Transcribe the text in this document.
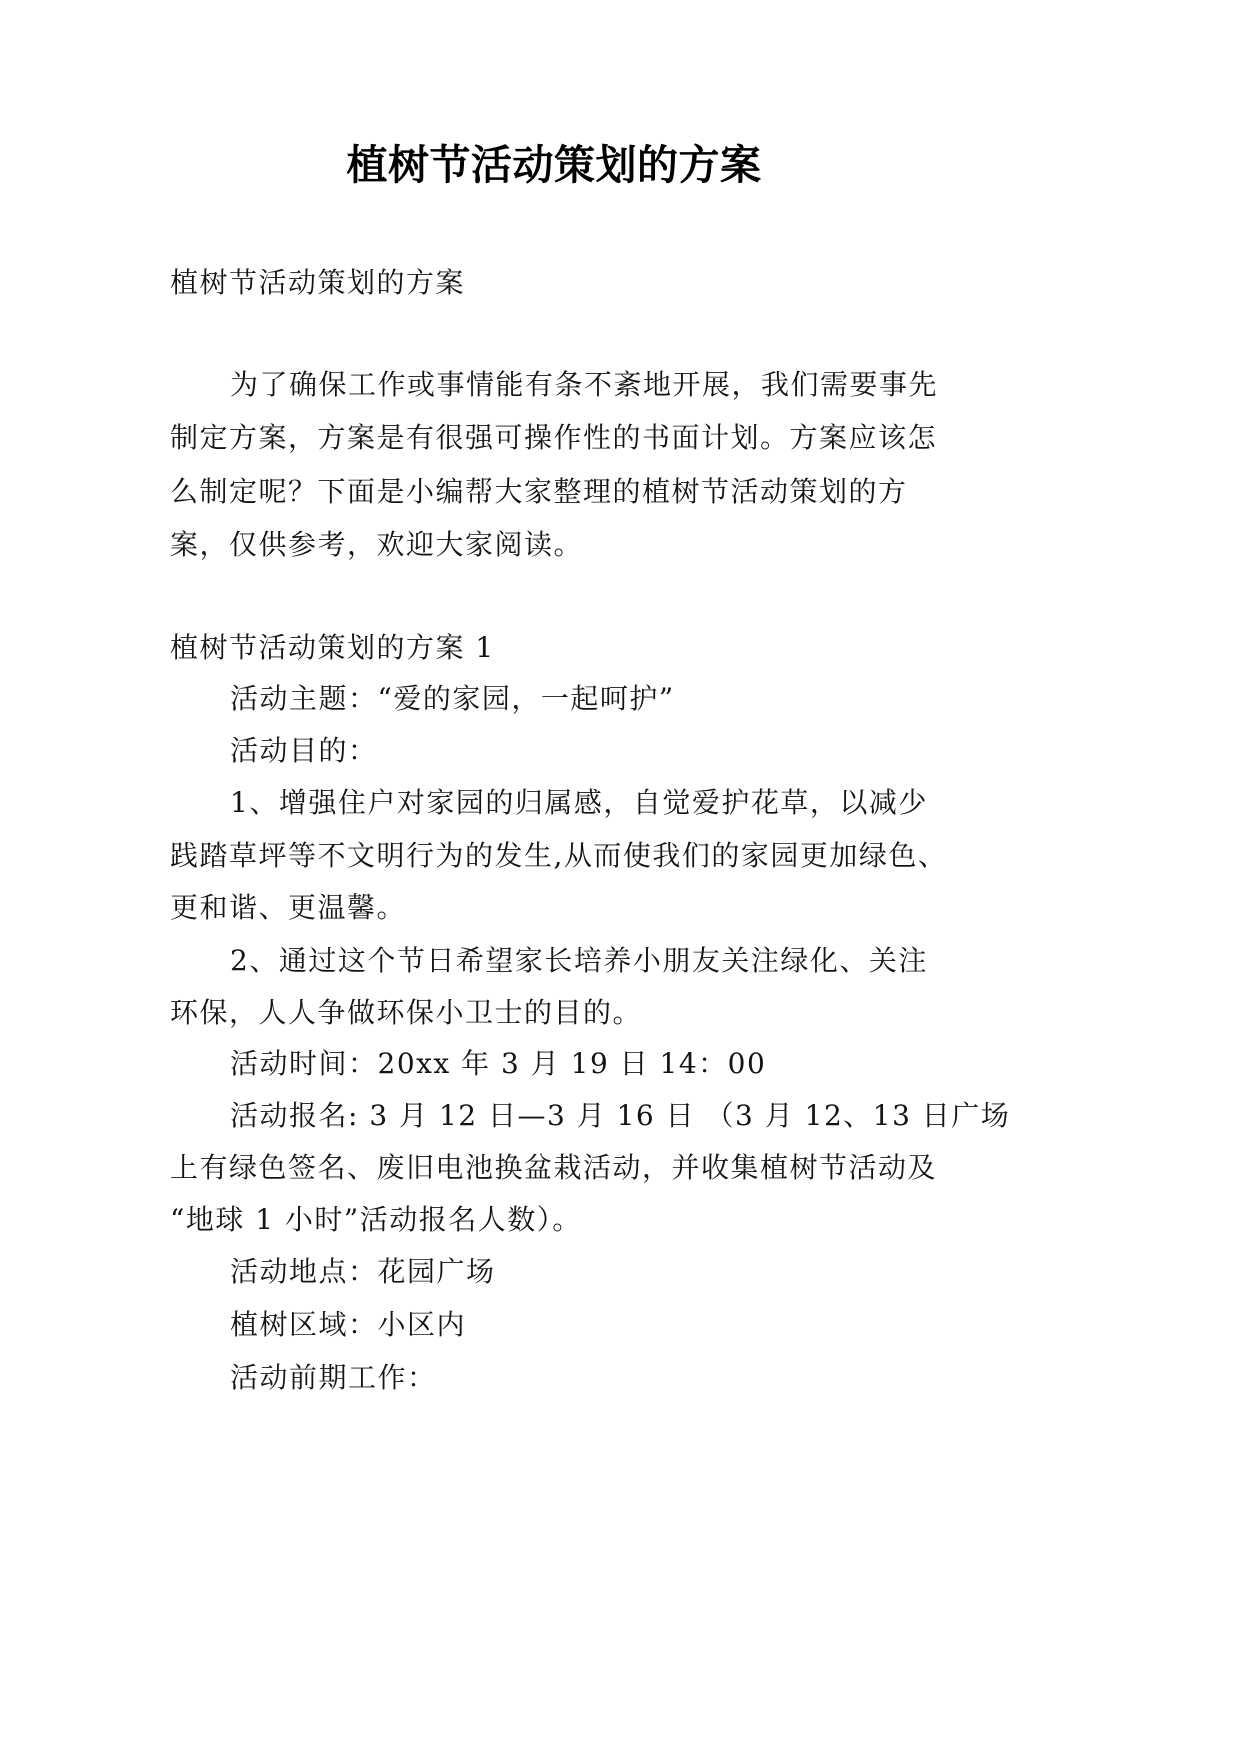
植树节活动策划的方案
植树节活动策划的方案
为了确保工作或事情能有条不紊地开展，我们需要事先
制定方案，方案是有很强可操作性的书面计划。方案应该怎
么制定呢？下面是小编帮大家整理的植树节活动策划的方
案，仅供参考，欢迎大家阅读。
植树节活动策划的方案 1
活动主题：“爱的家园，一起呵护”
活动目的：
1、增强住户对家园的归属感，自觉爱护花草，以减少
践踏草坪等不文明行为的发生,从而使我们的家园更加绿色、
更和谐、更温馨。
2、通过这个节日希望家长培养小朋友关注绿化、关注
环保，人人争做环保小卫士的目的。
活动时间：20xx 年 3 月 19 日 14：00
活动报名: 3 月 12 日—3 月 16 日 （3 月 12、13 日广场
上有绿色签名、废旧电池换盆栽活动，并收集植树节活动及
“地球 1 小时”活动报名人数）。
活动地点：花园广场
植树区域：小区内
活动前期工作：
